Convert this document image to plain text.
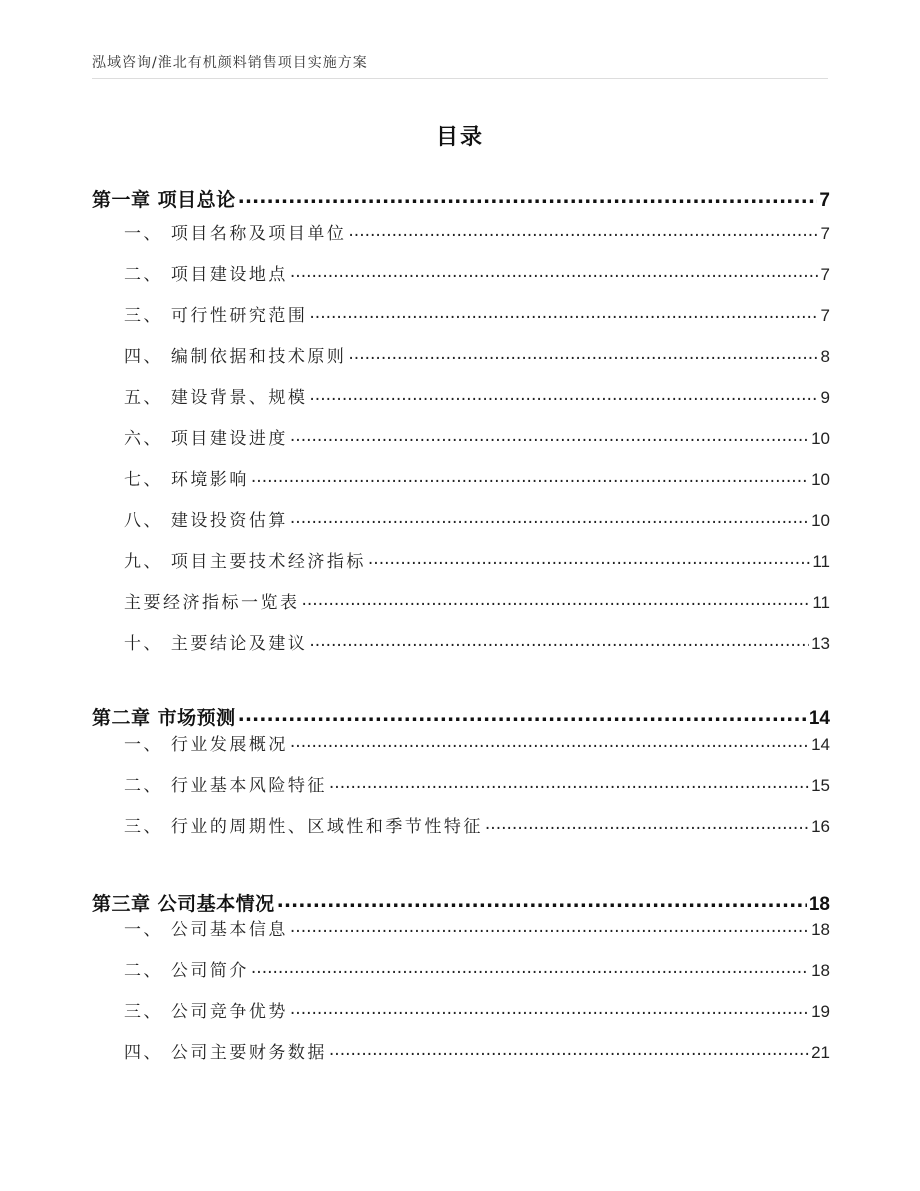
泓域咨询/淮北有机颜料销售项目实施方案
目录
第一章 项目总论 .....	7
一、 项目名称及项目单位 .....	7
二、 项目建设地点 .....	7
三、 可行性研究范围 .....	7
四、 编制依据和技术原则 .....	8
五、 建设背景、规模 .....	9
六、 项目建设进度 .....	10
七、 环境影响 .....	10
八、 建设投资估算 .....	10
九、 项目主要技术经济指标 .....	11
主要经济指标一览表 .....	11
十、 主要结论及建议 .....	13
第二章 市场预测 .....	14
一、 行业发展概况 .....	14
二、 行业基本风险特征 .....	15
三、 行业的周期性、区域性和季节性特征 .....	16
第三章 公司基本情况 .....	18
一、 公司基本信息 .....	18
二、 公司简介 .....	18
三、 公司竞争优势 .....	19
四、 公司主要财务数据 .....	21
